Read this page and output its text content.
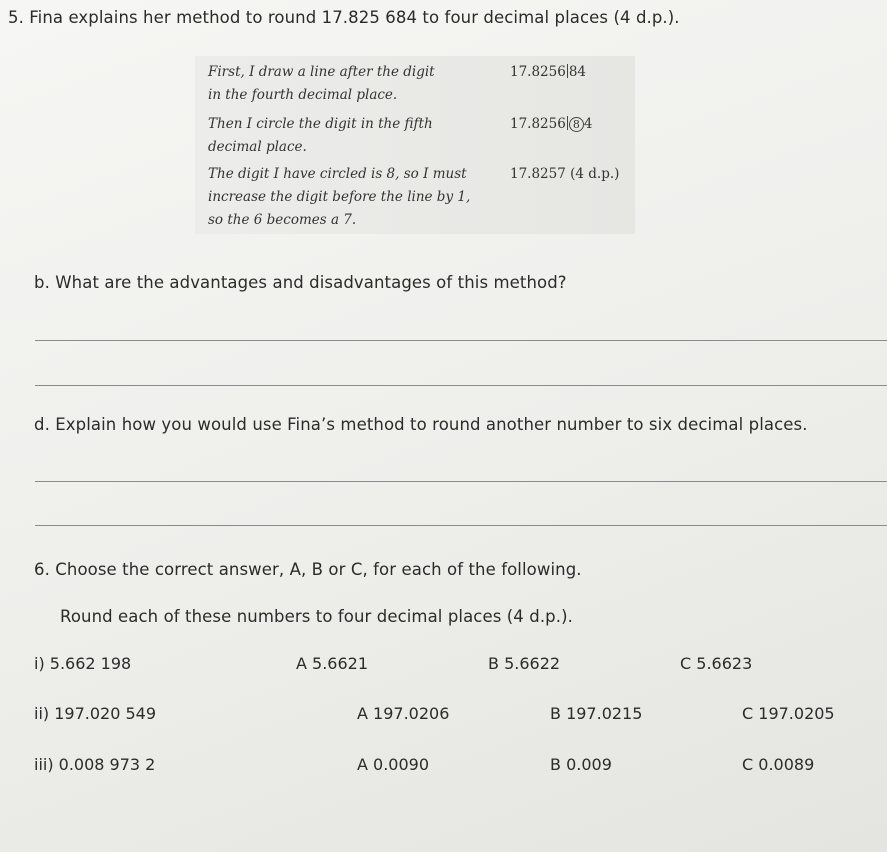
5. Fina explains her method to round 17.825 684 to four decimal places (4 d.p.).
First, I draw a line after the digit
in the fourth decimal place.
17.8256 84
Then I circle the digit in the fifth
decimal place.
17.8256 8 4
The digit I have circled is 8, so I must
increase the digit before the line by 1,
so the 6 becomes a 7.
17.8257 (4 d.p.)
b. What are the advantages and disadvantages of this method?
d. Explain how you would use Fina’s method to round another number to six decimal places.
6. Choose the correct answer, A, B or C, for each of the following.
Round each of these numbers to four decimal places (4 d.p.).
i) 5.662 198	A 5.6621	B 5.6622	C 5.6623
ii) 197.020 549	A 197.0206	B 197.0215	C 197.0205
iii) 0.008 973 2	A 0.0090	B 0.009	C 0.0089
